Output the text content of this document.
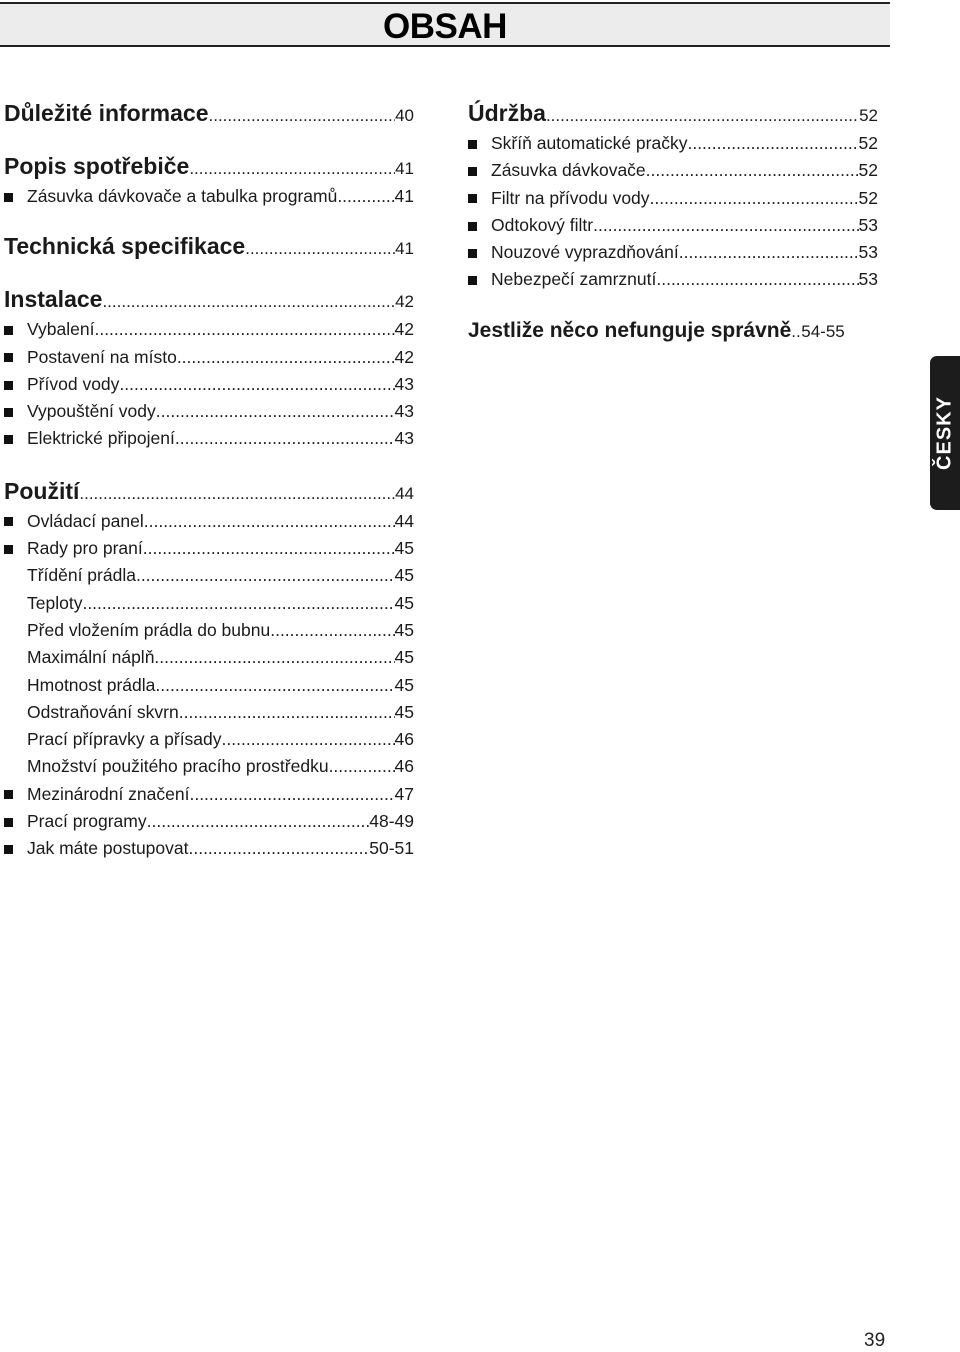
OBSAH
Důležité informace .....	40
Popis spotřebiče .....	41
Zásuvka dávkovače a tabulka programů .....	41
Technická specifikace .....	41
Instalace .....	42
Vybalení .....	42
Postavení na místo .....	42
Přívod vody .....	43
Vypouštění vody .....	43
Elektrické připojení .....	43
Použití .....	44
Ovládací panel .....	44
Rady pro praní .....	45
Třídění prádla .....	45
Teploty .....	45
Před vložením prádla do bubnu .....	45
Maximální náplň .....	45
Hmotnost prádla .....	45
Odstraňování skvrn .....	45
Prací přípravky a přísady .....	46
Množství použitého pracího prostředku .....	46
Mezinárodní značení .....	47
Prací programy .....	48-49
Jak máte postupovat .....	50-51
Údržba .....	52
Skříň automatické pračky .....	52
Zásuvka dávkovače .....	52
Filtr na přívodu vody .....	52
Odtokový filtr .....	53
Nouzové vyprazdňování .....	53
Nebezpečí zamrznutí .....	53
Jestliže něco nefunguje správně ..... 54-55
ČESKY
39
